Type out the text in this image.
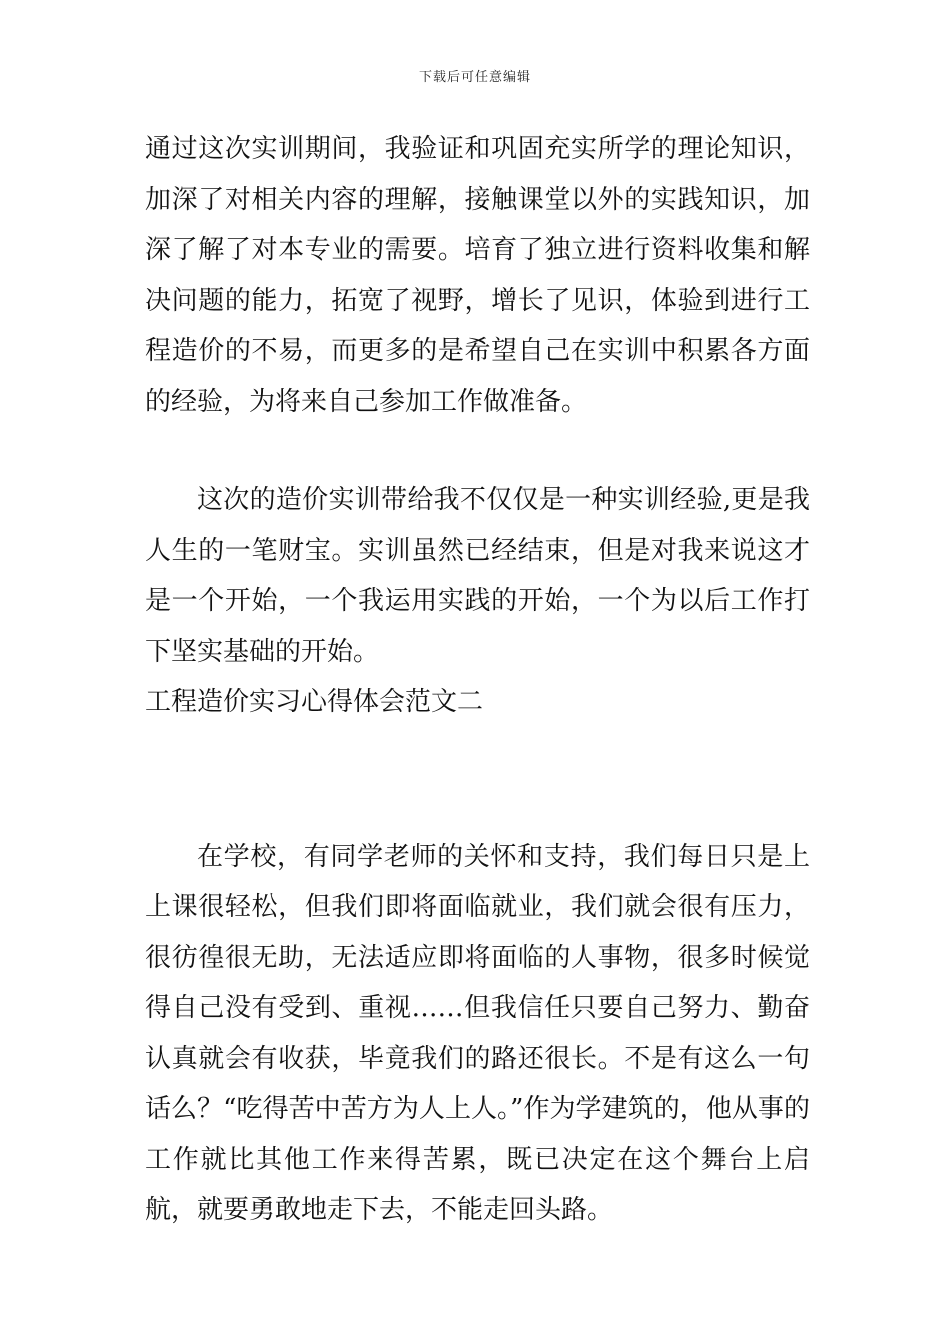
下载后可任意编辑

通过这次实训期间，我验证和巩固充实所学的理论知识，加深了对相关内容的理解，接触课堂以外的实践知识，加深了解了对本专业的需要。培育了独立进行资料收集和解决问题的能力，拓宽了视野，增长了见识，体验到进行工程造价的不易，而更多的是希望自己在实训中积累各方面的经验，为将来自己参加工作做准备。

这次的造价实训带给我不仅仅是一种实训经验,更是我人生的一笔财宝。实训虽然已经结束，但是对我来说这才是一个开始，一个我运用实践的开始，一个为以后工作打下坚实基础的开始。

工程造价实习心得体会范文二

在学校，有同学老师的关怀和支持，我们每日只是上上课很轻松，但我们即将面临就业，我们就会很有压力，很彷徨很无助，无法适应即将面临的人事物，很多时候觉得自己没有受到、重视……但我信任只要自己努力、勤奋认真就会有收获，毕竟我们的路还很长。不是有这么一句话么？“吃得苦中苦方为人上人。”作为学建筑的，他从事的工作就比其他工作来得苦累，既已决定在这个舞台上启航，就要勇敢地走下去，不能走回头路。
